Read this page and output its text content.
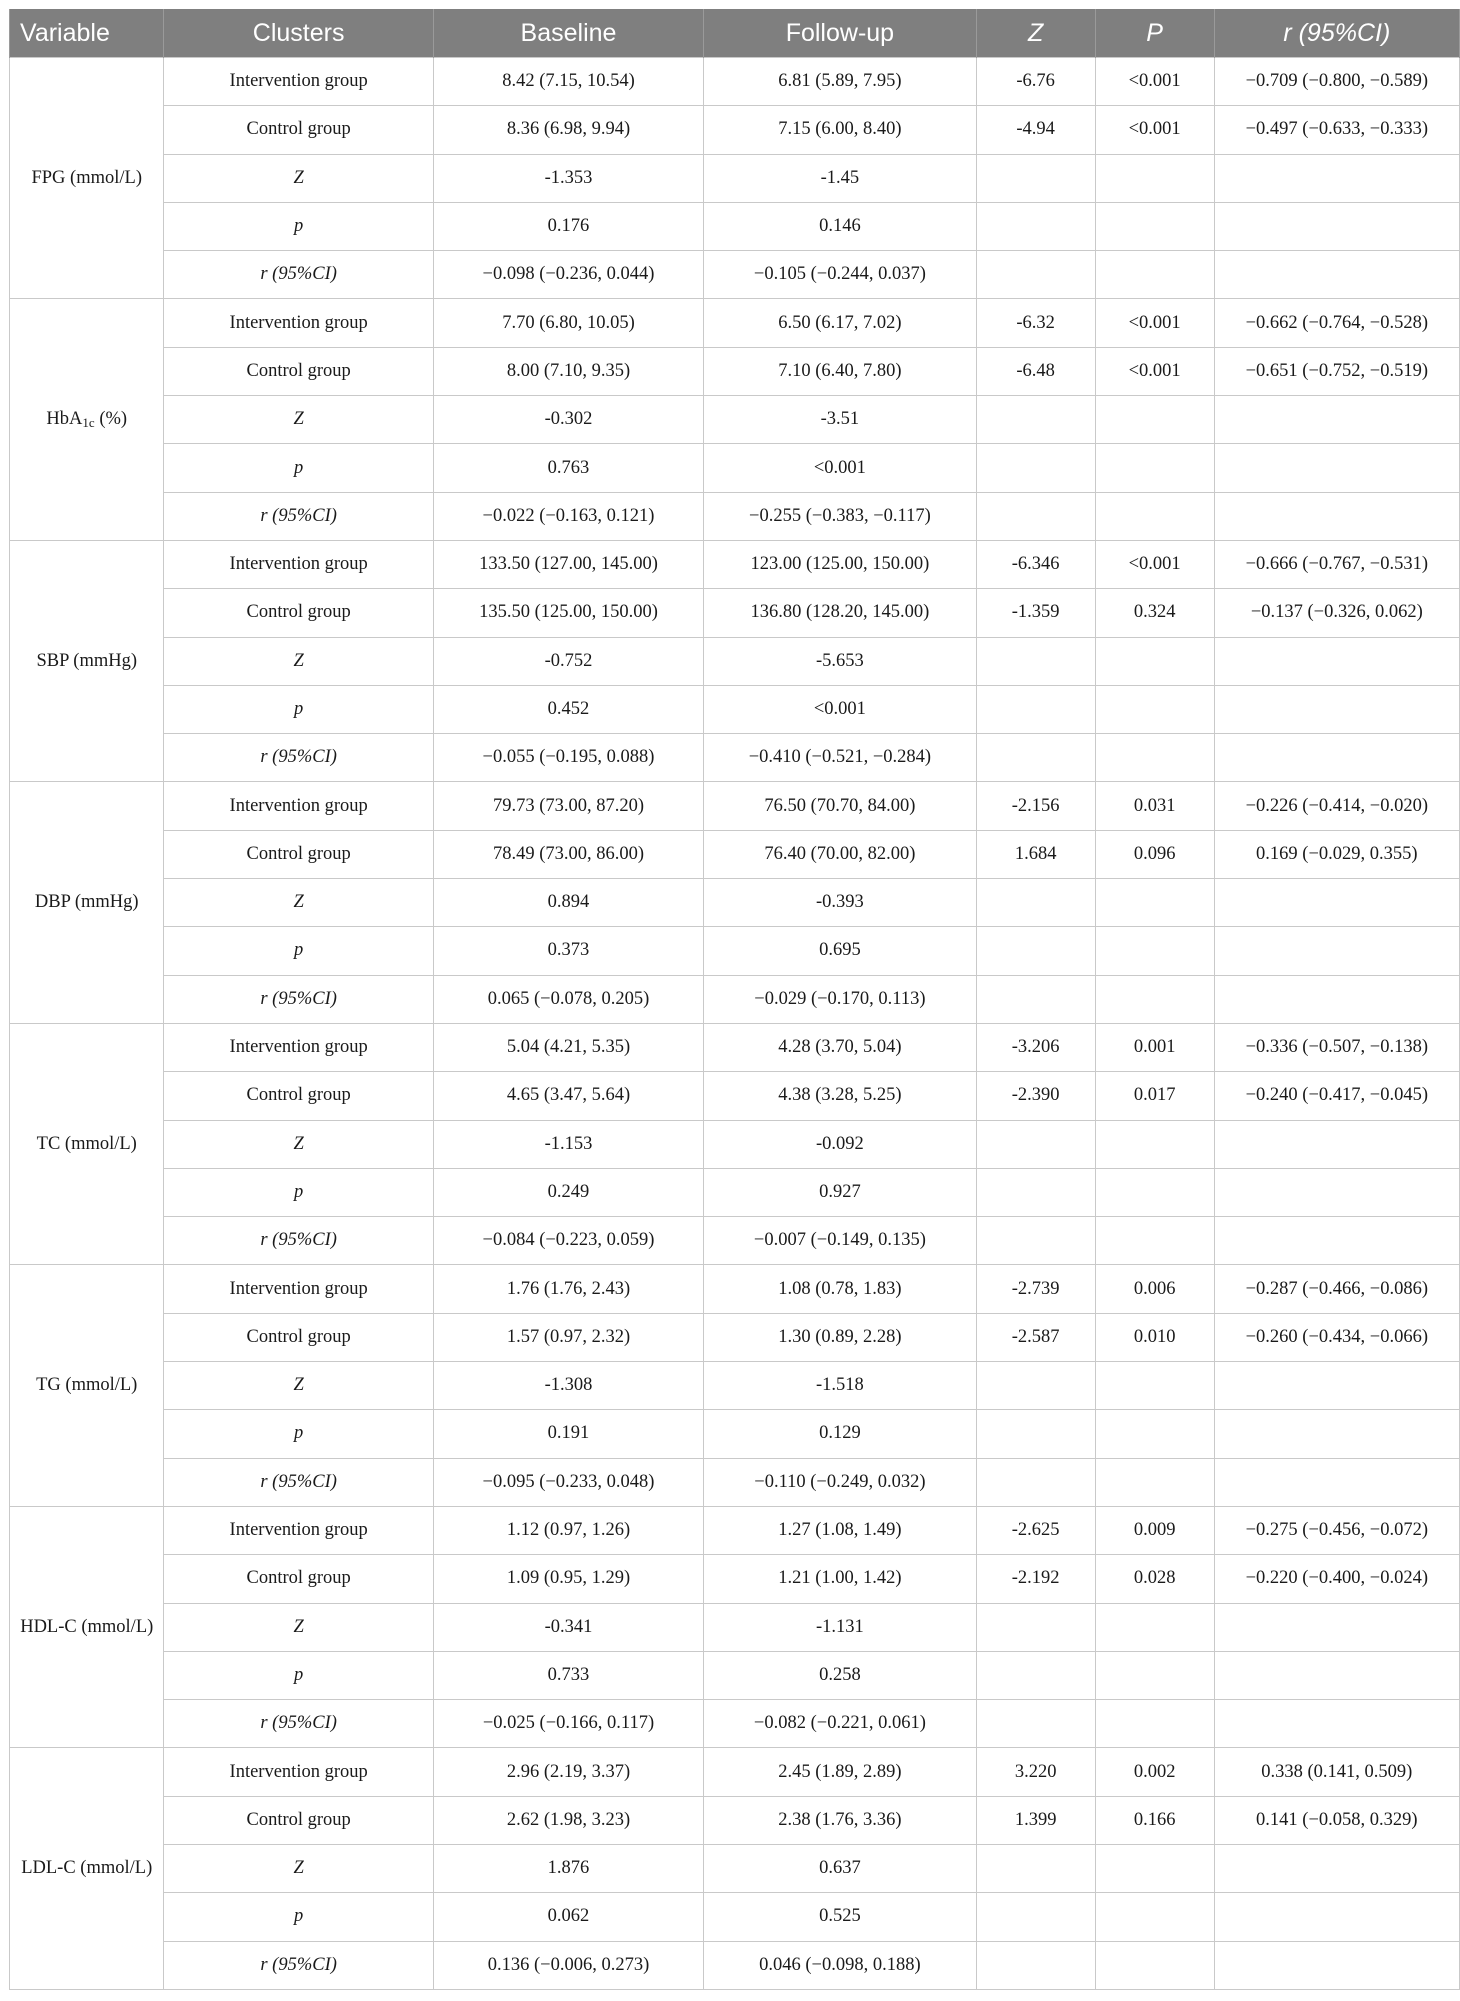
Variable	Clusters	Baseline	Follow-up	Z	P	r (95%CI)
FPG (mmol/L)	Intervention group	8.42 (7.15, 10.54)	6.81 (5.89, 7.95)	-6.76	<0.001	−0.709 (−0.800, −0.589)
	Control group	8.36 (6.98, 9.94)	7.15 (6.00, 8.40)	-4.94	<0.001	−0.497 (−0.633, −0.333)
	Z	-1.353	-1.45			
	p	0.176	0.146			
	r (95%CI)	−0.098 (−0.236, 0.044)	−0.105 (−0.244, 0.037)			
HbA1c (%)	Intervention group	7.70 (6.80, 10.05)	6.50 (6.17, 7.02)	-6.32	<0.001	−0.662 (−0.764, −0.528)
	Control group	8.00 (7.10, 9.35)	7.10 (6.40, 7.80)	-6.48	<0.001	−0.651 (−0.752, −0.519)
	Z	-0.302	-3.51			
	p	0.763	<0.001			
	r (95%CI)	−0.022 (−0.163, 0.121)	−0.255 (−0.383, −0.117)			
SBP (mmHg)	Intervention group	133.50 (127.00, 145.00)	123.00 (125.00, 150.00)	-6.346	<0.001	−0.666 (−0.767, −0.531)
	Control group	135.50 (125.00, 150.00)	136.80 (128.20, 145.00)	-1.359	0.324	−0.137 (−0.326, 0.062)
	Z	-0.752	-5.653			
	p	0.452	<0.001			
	r (95%CI)	−0.055 (−0.195, 0.088)	−0.410 (−0.521, −0.284)			
DBP (mmHg)	Intervention group	79.73 (73.00, 87.20)	76.50 (70.70, 84.00)	-2.156	0.031	−0.226 (−0.414, −0.020)
	Control group	78.49 (73.00, 86.00)	76.40 (70.00, 82.00)	1.684	0.096	0.169 (−0.029, 0.355)
	Z	0.894	-0.393			
	p	0.373	0.695			
	r (95%CI)	0.065 (−0.078, 0.205)	−0.029 (−0.170, 0.113)			
TC (mmol/L)	Intervention group	5.04 (4.21, 5.35)	4.28 (3.70, 5.04)	-3.206	0.001	−0.336 (−0.507, −0.138)
	Control group	4.65 (3.47, 5.64)	4.38 (3.28, 5.25)	-2.390	0.017	−0.240 (−0.417, −0.045)
	Z	-1.153	-0.092			
	p	0.249	0.927			
	r (95%CI)	−0.084 (−0.223, 0.059)	−0.007 (−0.149, 0.135)			
TG (mmol/L)	Intervention group	1.76 (1.76, 2.43)	1.08 (0.78, 1.83)	-2.739	0.006	−0.287 (−0.466, −0.086)
	Control group	1.57 (0.97, 2.32)	1.30 (0.89, 2.28)	-2.587	0.010	−0.260 (−0.434, −0.066)
	Z	-1.308	-1.518			
	p	0.191	0.129			
	r (95%CI)	−0.095 (−0.233, 0.048)	−0.110 (−0.249, 0.032)			
HDL-C (mmol/L)	Intervention group	1.12 (0.97, 1.26)	1.27 (1.08, 1.49)	-2.625	0.009	−0.275 (−0.456, −0.072)
	Control group	1.09 (0.95, 1.29)	1.21 (1.00, 1.42)	-2.192	0.028	−0.220 (−0.400, −0.024)
	Z	-0.341	-1.131			
	p	0.733	0.258			
	r (95%CI)	−0.025 (−0.166, 0.117)	−0.082 (−0.221, 0.061)			
LDL-C (mmol/L)	Intervention group	2.96 (2.19, 3.37)	2.45 (1.89, 2.89)	3.220	0.002	0.338 (0.141, 0.509)
	Control group	2.62 (1.98, 3.23)	2.38 (1.76, 3.36)	1.399	0.166	0.141 (−0.058, 0.329)
	Z	1.876	0.637			
	p	0.062	0.525			
	r (95%CI)	0.136 (−0.006, 0.273)	0.046 (−0.098, 0.188)			
